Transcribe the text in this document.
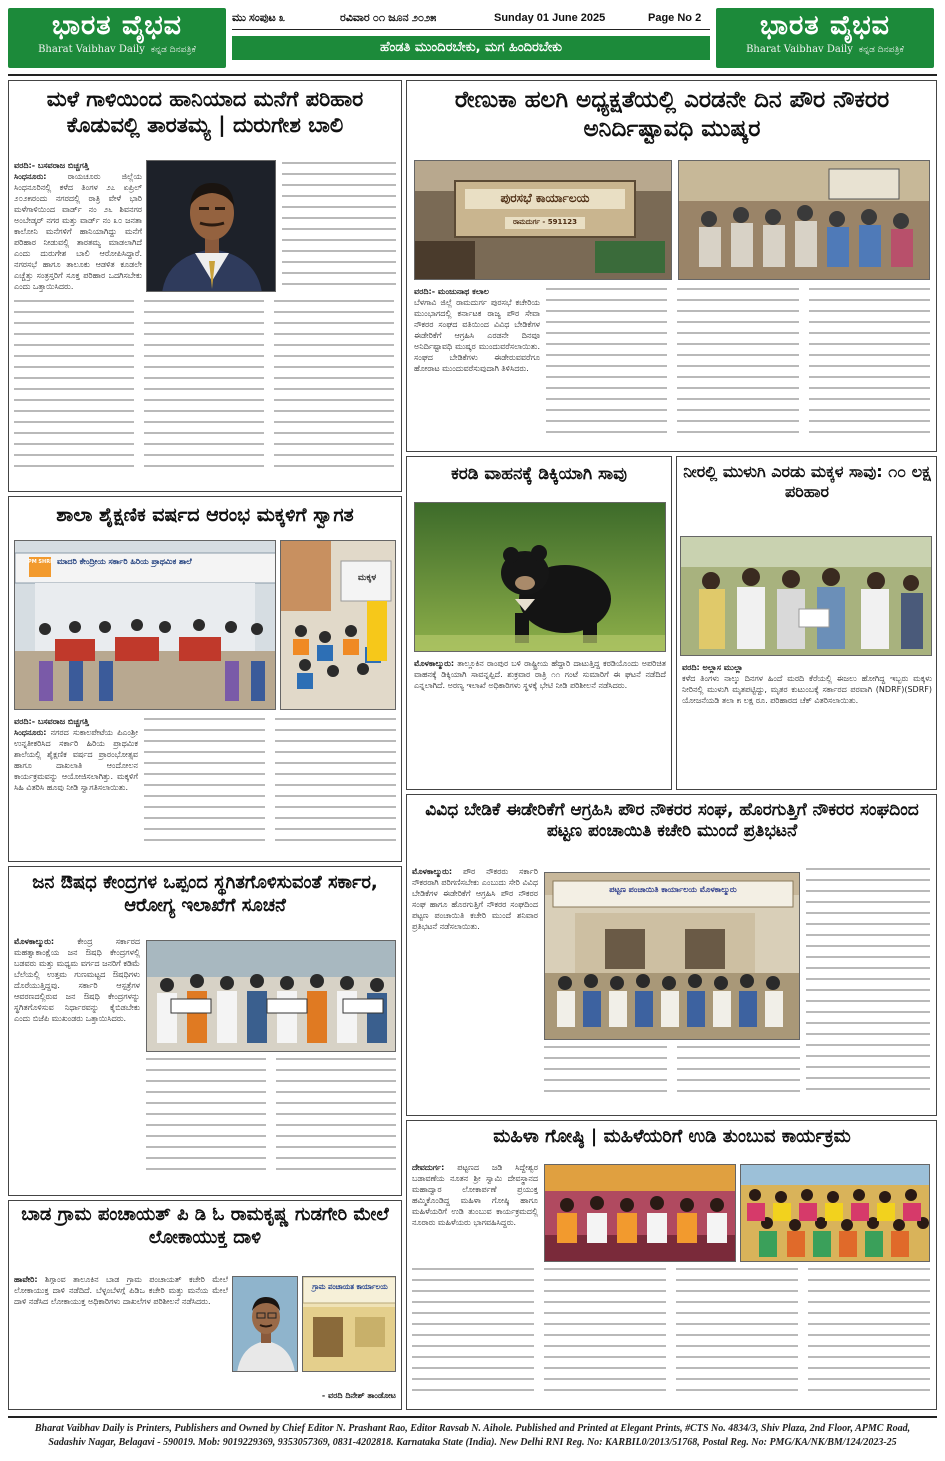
ಭಾರತ ವೈಭವ
Bharat Vaibhav Daily ಕನ್ನಡ ದಿನಪತ್ರಿಕೆ
ಮು ಸಂಪುಟ ೩	ರವಿವಾರ ೦೧ ಜೂನ ೨೦೨೫	Sunday 01 June 2025	Page No 2
ಹೆಂಡತಿ ಮುಂದಿರಬೇಕು, ಮಗ ಹಿಂದಿರಬೇಕು
ಭಾರತ ವೈಭವ
Bharat Vaibhav Daily ಕನ್ನಡ ದಿನಪತ್ರಿಕೆ
ಮಳೆ ಗಾಳಿಯಿಂದ ಹಾನಿಯಾದ ಮನೆಗೆ ಪರಿಹಾರ ಕೊಡುವಲ್ಲಿ ತಾರತಮ್ಯ | ದುರುಗೇಶ ಬಾಲಿ
ವರದಿ:- ಬಸವರಾಜ ಬಿಚ್ಚಗತ್ತಿ
ಸಿಂಧನೂರು:	ರಾಯಚೂರು ಜಿಲ್ಲೆಯ ಸಿಂಧನೂರಿನಲ್ಲಿ ಕಳೆದ ತಿಂಗಳ ೨೭ ಏಪ್ರಿಲ್ ೨೦೨೫ರಂದು ನಗರದಲ್ಲಿ ರಾತ್ರಿ ವೇಳೆ ಭಾರಿ ಮಳೆಗಾಳಿಯಿಂದ ವಾರ್ಡ್ ನಂ ೨೬ ಶಿವನಗರ ಅಂಬೇಡ್ಕರ್ ನಗರ ಮತ್ತು ವಾರ್ಡ್ ನಂ ೩೦ ಜನತಾ ಕಾಲೋನಿ ಮನೆಗಳಿಗೆ ಹಾನಿಯಾಗಿದ್ದು ಮನೆಗೆ ಪರಿಹಾರ ನೀಡುವಲ್ಲಿ ತಾರತಮ್ಯ ಮಾಡಲಾಗಿದೆ ಎಂದು ದುರುಗೇಶ ಬಾಲಿ ಆರೋಪಿಸಿದ್ದಾರೆ. ನಗರಸಭೆ ಹಾಗೂ ತಾಲೂಕು ಆಡಳಿತ ಕೂಡಲೇ ಎಚ್ಚೆತ್ತು ಸಂತ್ರಸ್ತರಿಗೆ ಸೂಕ್ತ ಪರಿಹಾರ ಒದಗಿಸಬೇಕು ಎಂದು ಒತ್ತಾಯಿಸಿದರು.
ರೇಣುಕಾ ಹಲಗಿ ಅಧ್ಯಕ್ಷತೆಯಲ್ಲಿ ಎರಡನೇ ದಿನ ಪೌರ ನೌಕರರ ಅನಿರ್ದಿಷ್ಟಾವಧಿ ಮುಷ್ಕರ
ಪುರಸಭೆ ಕಾರ್ಯಾಲಯ
ರಾಮದುರ್ಗ - 591123
ವರದಿ:- ಮಂಜುನಾಥ ಕಲಾಲ
ಬೆಳಗಾವಿ ಜಿಲ್ಲೆ ರಾಮದುರ್ಗ ಪುರಸಭೆ ಕಚೇರಿಯ ಮುಂಭಾಗದಲ್ಲಿ ಕರ್ನಾಟಕ ರಾಜ್ಯ ಪೌರ ಸೇವಾ ನೌಕರರ ಸಂಘದ ವತಿಯಿಂದ ವಿವಿಧ ಬೇಡಿಕೆಗಳ ಈಡೇರಿಕೆಗೆ ಆಗ್ರಹಿಸಿ ಎರಡನೇ ದಿನವೂ ಅನಿರ್ದಿಷ್ಟಾವಧಿ ಮುಷ್ಕರ ಮುಂದುವರೆಸಲಾಯಿತು. ಸಂಘದ ಬೇಡಿಕೆಗಳು ಈಡೇರುವವರೆಗೂ ಹೋರಾಟ ಮುಂದುವರೆಸುವುದಾಗಿ ತಿಳಿಸಿದರು.
ಕರಡಿ ವಾಹನಕ್ಕೆ ಡಿಕ್ಕಿಯಾಗಿ ಸಾವು
ಮೊಳಕಾಲ್ಮುರು: ತಾಲ್ಲೂಕಿನ ರಾಂಪುರ ಬಳಿ ರಾಷ್ಟ್ರೀಯ ಹೆದ್ದಾರಿ ದಾಟುತ್ತಿದ್ದ ಕರಡಿಯೊಂದು ಅಪರಿಚಿತ ವಾಹನಕ್ಕೆ ಡಿಕ್ಕಿಯಾಗಿ ಸಾವನ್ನಪ್ಪಿದೆ. ಶುಕ್ರವಾರ ರಾತ್ರಿ ೧೧ ಗಂಟೆ ಸುಮಾರಿಗೆ ಈ ಘಟನೆ ನಡೆದಿದೆ ಎನ್ನಲಾಗಿದೆ. ಅರಣ್ಯ ಇಲಾಖೆ ಅಧಿಕಾರಿಗಳು ಸ್ಥಳಕ್ಕೆ ಭೇಟಿ ನೀಡಿ ಪರಿಶೀಲನೆ ನಡೆಸಿದರು.
ನೀರಲ್ಲಿ ಮುಳುಗಿ ಎರಡು ಮಕ್ಕಳ ಸಾವು: ೧೦ ಲಕ್ಷ ಪರಿಹಾರ
ವರದಿ: ಅಲ್ಲಾಸ ಮುಲ್ಲಾ
ಕಳೆದ ತಿಂಗಳು ನಾಲ್ಕು ದಿನಗಳ ಹಿಂದೆ ಮರದಿ ಕೆರೆಯಲ್ಲಿ ಈಜಲು ಹೋಗಿದ್ದ ಇಬ್ಬರು ಮಕ್ಕಳು ನೀರಿನಲ್ಲಿ ಮುಳುಗಿ ಮೃತಪಟ್ಟಿದ್ದು, ಮೃತರ ಕುಟುಂಬಕ್ಕೆ ಸರ್ಕಾರದ ಪರವಾಗಿ (NDRF)(SDRF) ಯೋಜನೆಯಡಿ ತಲಾ ೫ ಲಕ್ಷ ರೂ. ಪರಿಹಾರದ ಚೆಕ್ ವಿತರಿಸಲಾಯಿತು.
ಶಾಲಾ ಶೈಕ್ಷಣಿಕ ವರ್ಷದ ಆರಂಭ ಮಕ್ಕಳಿಗೆ ಸ್ವಾಗತ
PM SHRI ಮಾದರಿ ಕೇಂದ್ರೀಯ ಸರ್ಕಾರಿ ಹಿರಿಯ ಪ್ರಾಥಮಿಕ ಶಾಲೆ
ಮಕ್ಕಳ
ವರದಿ:- ಬಸವರಾಜ ಬಿಚ್ಚಗತ್ತಿ
ಸಿಂಧನೂರು: ನಗರದ ಸುಕಾಲಪೇಟೆಯ ಪಿಎಂಶ್ರೀ ಉನ್ನತೀಕರಿಸಿದ ಸರ್ಕಾರಿ ಹಿರಿಯ ಪ್ರಾಥಮಿಕ ಶಾಲೆಯಲ್ಲಿ ಶೈಕ್ಷಣಿಕ ವರ್ಷದ ಪ್ರಾರಂಭೋತ್ಸವ ಹಾಗೂ ದಾಖಲಾತಿ ಆಂದೋಲನ ಕಾರ್ಯಕ್ರಮವನ್ನು ಆಯೋಜಿಸಲಾಗಿತ್ತು. ಮಕ್ಕಳಿಗೆ ಸಿಹಿ ವಿತರಿಸಿ ಹೂವು ನೀಡಿ ಸ್ವಾಗತಿಸಲಾಯಿತು.
ವಿವಿಧ ಬೇಡಿಕೆ ಈಡೇರಿಕೆಗೆ ಆಗ್ರಹಿಸಿ ಪೌರ ನೌಕರರ ಸಂಘ, ಹೊರಗುತ್ತಿಗೆ ನೌಕರರ ಸಂಘದಿಂದ ಪಟ್ಟಣ ಪಂಚಾಯಿತಿ ಕಚೇರಿ ಮುಂದೆ ಪ್ರತಿಭಟನೆ
ಮೊಳಕಾಲ್ಮುರು: ಪೌರ ನೌಕರರು ಸರ್ಕಾರಿ ನೌಕರರಾಗಿ ಪರಿಗಣಿಸಬೇಕು ಎಂಬುದು ಸೇರಿ ವಿವಿಧ ಬೇಡಿಕೆಗಳ ಈಡೇರಿಕೆಗೆ ಆಗ್ರಹಿಸಿ ಪೌರ ನೌಕರರ ಸಂಘ ಹಾಗೂ ಹೊರಗುತ್ತಿಗೆ ನೌಕರರ ಸಂಘದಿಂದ ಪಟ್ಟಣ ಪಂಚಾಯಿತಿ ಕಚೇರಿ ಮುಂದೆ ಶನಿವಾರ ಪ್ರತಿಭಟನೆ ನಡೆಸಲಾಯಿತು.
ಪಟ್ಟಣ ಪಂಚಾಯಿತಿ ಕಾರ್ಯಾಲಯ ಮೊಳಕಾಲ್ಮುರು
ಜನ ಔಷಧ ಕೇಂದ್ರಗಳ ಒಪ್ಪಂದ ಸ್ಥಗಿತಗೊಳಿಸುವಂತೆ ಸರ್ಕಾರ, ಆರೋಗ್ಯ ಇಲಾಖೆಗೆ ಸೂಚನೆ
ಮೊಳಕಾಲ್ಮುರು:	ಕೇಂದ್ರ ಸರ್ಕಾರದ ಮಹತ್ವಾಕಾಂಕ್ಷೆಯ ಜನ ಔಷಧಿ ಕೇಂದ್ರಗಳಲ್ಲಿ ಬಡವರು ಮತ್ತು ಮಧ್ಯಮ ವರ್ಗದ ಜನರಿಗೆ ಕಡಿಮೆ ಬೆಲೆಯಲ್ಲಿ ಉತ್ತಮ ಗುಣಮಟ್ಟದ ಔಷಧಿಗಳು ದೊರೆಯುತ್ತಿದ್ದವು. ಸರ್ಕಾರಿ ಆಸ್ಪತ್ರೆಗಳ ಆವರಣದಲ್ಲಿರುವ ಜನ ಔಷಧಿ ಕೇಂದ್ರಗಳನ್ನು ಸ್ಥಗಿತಗೊಳಿಸುವ ನಿರ್ಧಾರವನ್ನು ಕೈಬಿಡಬೇಕು ಎಂದು ಬಿಜೆಪಿ ಮುಖಂಡರು ಒತ್ತಾಯಿಸಿದರು.
ಮಹಿಳಾ ಗೋಷ್ಠಿ | ಮಹಿಳೆಯರಿಗೆ ಉಡಿ ತುಂಬುವ ಕಾರ್ಯಕ್ರಮ
ದೇವದುರ್ಗ: ಪಟ್ಟಣದ ಜಡಿ ಸಿದ್ದೇಶ್ವರ ಬಡಾವಣೆಯ ನೂತನ ಶ್ರೀ ಸ್ವಾಮಿ ದೇವಸ್ಥಾನದ ಮಹಾದ್ವಾರ ಲೋಕಾರ್ಪಣೆ ಪ್ರಯುಕ್ತ ಹಮ್ಮಿಕೊಂಡಿದ್ದ ಮಹಿಳಾ ಗೋಷ್ಠಿ ಹಾಗೂ ಮಹಿಳೆಯರಿಗೆ ಉಡಿ ತುಂಬುವ ಕಾರ್ಯಕ್ರಮದಲ್ಲಿ ನೂರಾರು ಮಹಿಳೆಯರು ಭಾಗವಹಿಸಿದ್ದರು.
ಬಾಡ ಗ್ರಾಮ ಪಂಚಾಯತ್ ಪಿ ಡಿ ಓ ರಾಮಕೃಷ್ಣ ಗುಡಗೇರಿ ಮೇಲೆ ಲೋಕಾಯುಕ್ತ ದಾಳಿ
ಹಾವೇರಿ: ಶಿಗ್ಗಾಂವ ತಾಲೂಕಿನ ಬಾಡ ಗ್ರಾಮ ಪಂಚಾಯತ್ ಕಚೇರಿ ಮೇಲೆ ಲೋಕಾಯುಕ್ತ ದಾಳಿ ನಡೆದಿದೆ. ಬೆಳ್ಳಂಬೆಳಗ್ಗೆ ಪಿಡಿಒ ಕಚೇರಿ ಮತ್ತು ಮನೆಯ ಮೇಲೆ ದಾಳಿ ನಡೆಸಿದ ಲೋಕಾಯುಕ್ತ ಅಧಿಕಾರಿಗಳು ದಾಖಲೆಗಳ ಪರಿಶೀಲನೆ ನಡೆಸಿದರು.
ಗ್ರಾಮ ಪಂಚಾಯತ ಕಾರ್ಯಾಲಯ
- ವರದಿ ದಿನೇಶ್ ತಾಂಡೋಟ
Bharat Vaibhav Daily is Printers, Publishers and Owned by Chief Editor N. Prashant Rao, Editor Ravsab N. Aihole. Published and Printed at Elegant Prints, #CTS No. 4834/3, Shiv Plaza, 2nd Floor, APMC Road,
Sadashiv Nagar, Belagavi - 590019. Mob: 9019229369, 9353057369, 0831-4202818. Karnataka State (India). New Delhi RNI Reg. No: KARBIL0/2013/51768, Postal Reg. No: PMG/KA/NK/BM/124/2023-25
